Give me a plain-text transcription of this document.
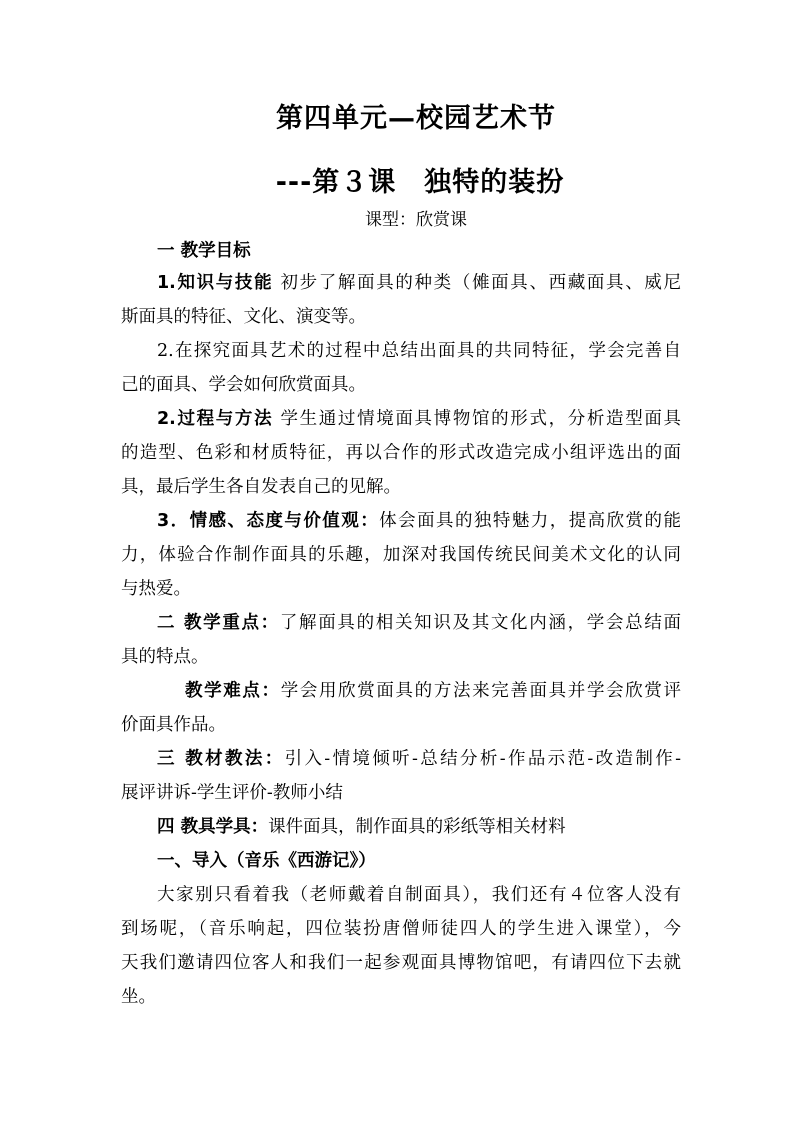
第四单元—校园艺术节
---第３课　独特的装扮
课型：欣赏课
一 教学目标
1.知识与技能 初步了解面具的种类（傩面具、西藏面具、威尼
斯面具的特征、文化、演变等。
2.在探究面具艺术的过程中总结出面具的共同特征，学会完善自
己的面具、学会如何欣赏面具。
2.过程与方法 学生通过情境面具博物馆的形式，分析造型面具
的造型、色彩和材质特征，再以合作的形式改造完成小组评选出的面
具，最后学生各自发表自己的见解。
3．情感、态度与价值观：体会面具的独特魅力，提高欣赏的能
力，体验合作制作面具的乐趣，加深对我国传统民间美术文化的认同
与热爱。
二 教学重点：了解面具的相关知识及其文化内涵，学会总结面
具的特点。
教学难点：学会用欣赏面具的方法来完善面具并学会欣赏评
价面具作品。
三 教材教法：引入-情境倾听-总结分析-作品示范-改造制作-
展评讲诉-学生评价-教师小结
四 教具学具：课件面具，制作面具的彩纸等相关材料
一、导入（音乐《西游记》）
大家别只看着我（老师戴着自制面具），我们还有４位客人没有
到场呢，（音乐响起，四位装扮唐僧师徒四人的学生进入课堂），今
天我们邀请四位客人和我们一起参观面具博物馆吧，有请四位下去就
坐。
